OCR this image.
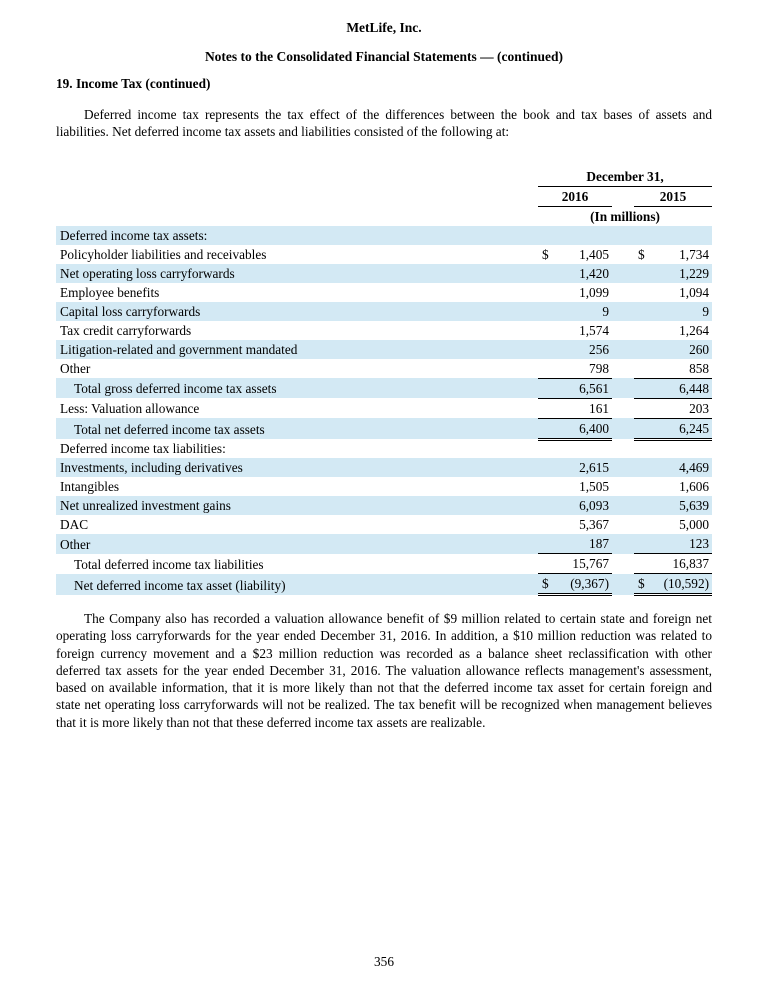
MetLife, Inc.
Notes to the Consolidated Financial Statements — (continued)
19. Income Tax (continued)

Deferred income tax represents the tax effect of the differences between the book and tax bases of assets and liabilities. Net deferred income tax assets and liabilities consisted of the following at:

	December 31,				
	2016			2015	
	(In millions)				
Deferred income tax assets:					
Policyholder liabilities and receivables	$	1,405		$	1,734
Net operating loss carryforwards		1,420			1,229
Employee benefits		1,099			1,094
Capital loss carryforwards		9			9
Tax credit carryforwards		1,574			1,264
Litigation-related and government mandated		256			260
Other		798			858
Total gross deferred income tax assets		6,561			6,448
Less: Valuation allowance		161			203
Total net deferred income tax assets		6,400			6,245
Deferred income tax liabilities:					
Investments, including derivatives		2,615			4,469
Intangibles		1,505			1,606
Net unrealized investment gains		6,093			5,639
DAC		5,367			5,000
Other		187			123
Total deferred income tax liabilities		15,767			16,837
Net deferred income tax asset (liability)	$	(9,367)		$	(10,592)

The Company also has recorded a valuation allowance benefit of $9 million related to certain state and foreign net operating loss carryforwards for the year ended December 31, 2016. In addition, a $10 million reduction was related to foreign currency movement and a $23 million reduction was recorded as a balance sheet reclassification with other deferred tax assets for the year ended December 31, 2016. The valuation allowance reflects management's assessment, based on available information, that it is more likely than not that the deferred income tax asset for certain foreign and state net operating loss carryforwards will not be realized. The tax benefit will be recognized when management believes that it is more likely than not that these deferred income tax assets are realizable.

356
